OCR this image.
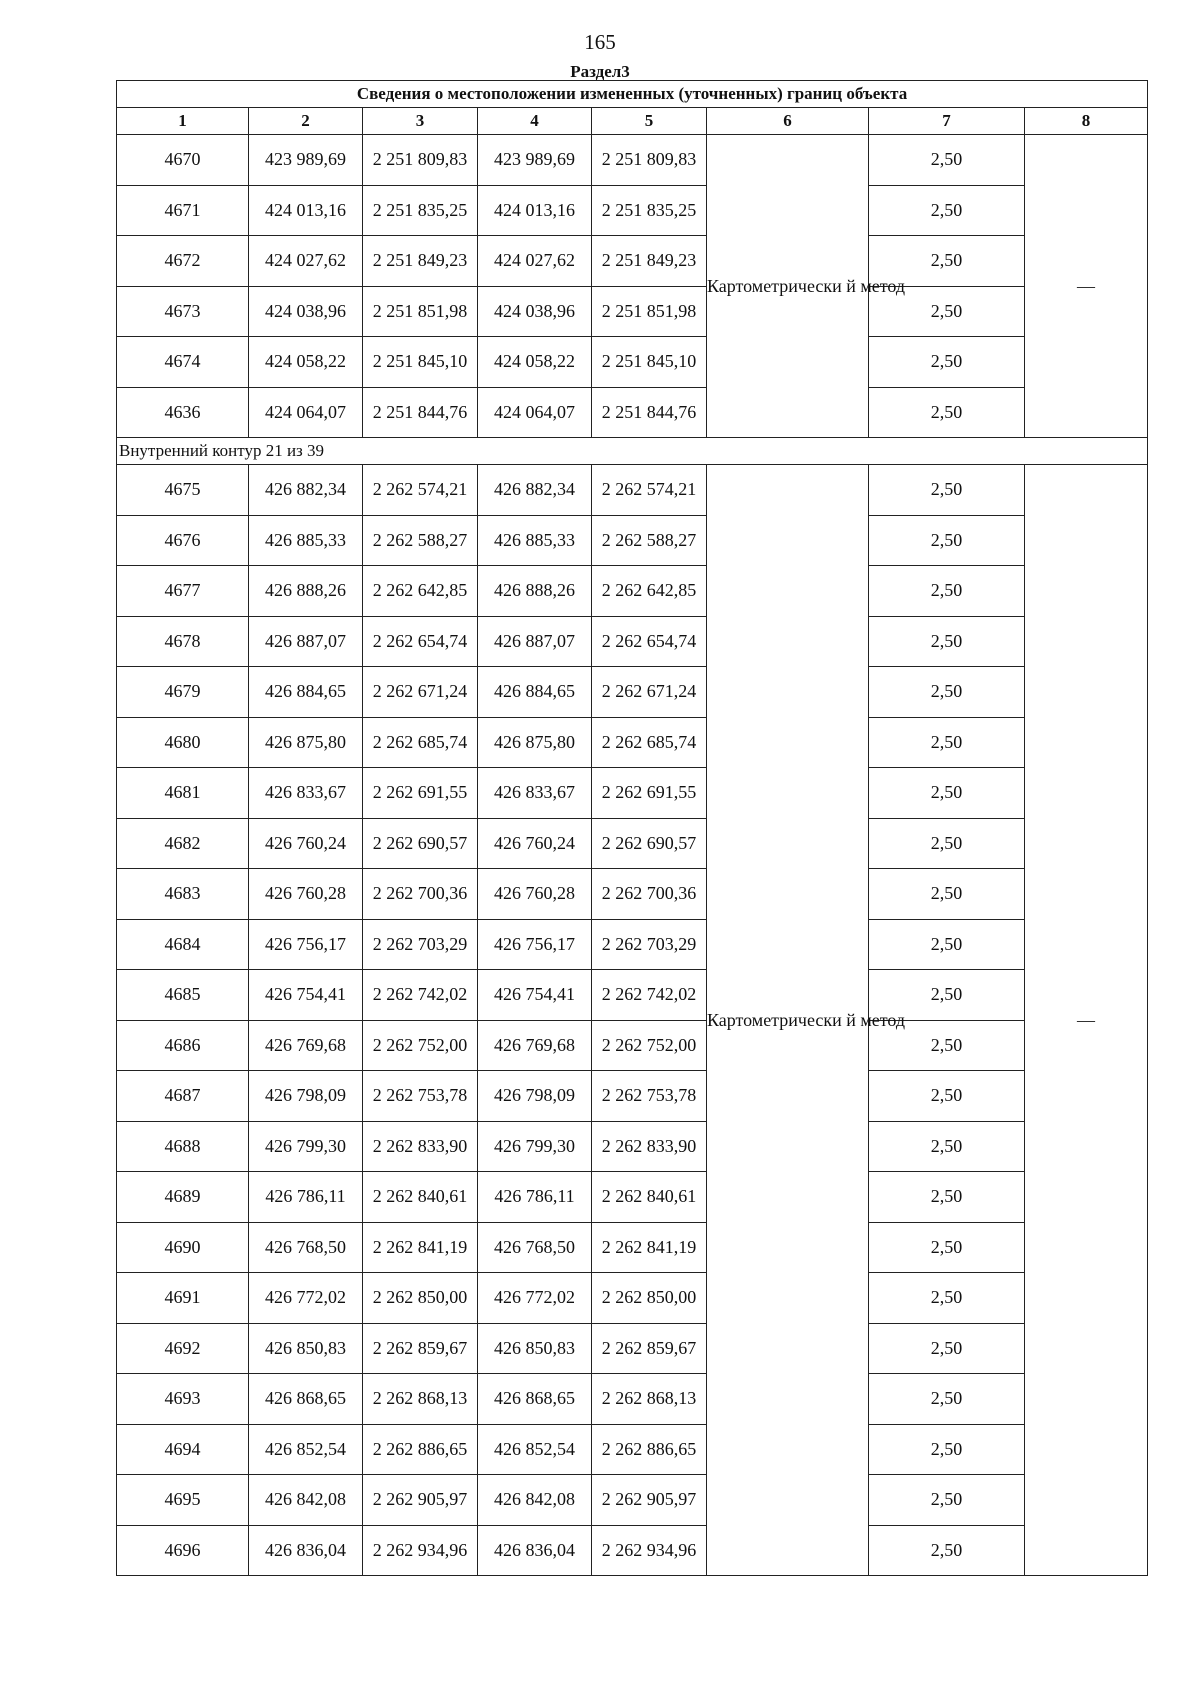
165
Раздел3
Сведения о местоположении измененных (уточненных) границ объекта							
1	2	3	4	5	6	7	8
4670	423 989,69	2 251 809,83	423 989,69	2 251 809,83	Картометрически й метод	2,50	—
4671	424 013,16	2 251 835,25	424 013,16	2 251 835,25		2,50	
4672	424 027,62	2 251 849,23	424 027,62	2 251 849,23		2,50	
4673	424 038,96	2 251 851,98	424 038,96	2 251 851,98		2,50	
4674	424 058,22	2 251 845,10	424 058,22	2 251 845,10		2,50	
4636	424 064,07	2 251 844,76	424 064,07	2 251 844,76		2,50	
Внутренний контур 21 из 39							
4675	426 882,34	2 262 574,21	426 882,34	2 262 574,21	Картометрически й метод	2,50	—
4676	426 885,33	2 262 588,27	426 885,33	2 262 588,27		2,50	
4677	426 888,26	2 262 642,85	426 888,26	2 262 642,85		2,50	
4678	426 887,07	2 262 654,74	426 887,07	2 262 654,74		2,50	
4679	426 884,65	2 262 671,24	426 884,65	2 262 671,24		2,50	
4680	426 875,80	2 262 685,74	426 875,80	2 262 685,74		2,50	
4681	426 833,67	2 262 691,55	426 833,67	2 262 691,55		2,50	
4682	426 760,24	2 262 690,57	426 760,24	2 262 690,57		2,50	
4683	426 760,28	2 262 700,36	426 760,28	2 262 700,36		2,50	
4684	426 756,17	2 262 703,29	426 756,17	2 262 703,29		2,50	
4685	426 754,41	2 262 742,02	426 754,41	2 262 742,02		2,50	
4686	426 769,68	2 262 752,00	426 769,68	2 262 752,00		2,50	
4687	426 798,09	2 262 753,78	426 798,09	2 262 753,78		2,50	
4688	426 799,30	2 262 833,90	426 799,30	2 262 833,90		2,50	
4689	426 786,11	2 262 840,61	426 786,11	2 262 840,61		2,50	
4690	426 768,50	2 262 841,19	426 768,50	2 262 841,19		2,50	
4691	426 772,02	2 262 850,00	426 772,02	2 262 850,00		2,50	
4692	426 850,83	2 262 859,67	426 850,83	2 262 859,67		2,50	
4693	426 868,65	2 262 868,13	426 868,65	2 262 868,13		2,50	
4694	426 852,54	2 262 886,65	426 852,54	2 262 886,65		2,50	
4695	426 842,08	2 262 905,97	426 842,08	2 262 905,97		2,50	
4696	426 836,04	2 262 934,96	426 836,04	2 262 934,96		2,50	
